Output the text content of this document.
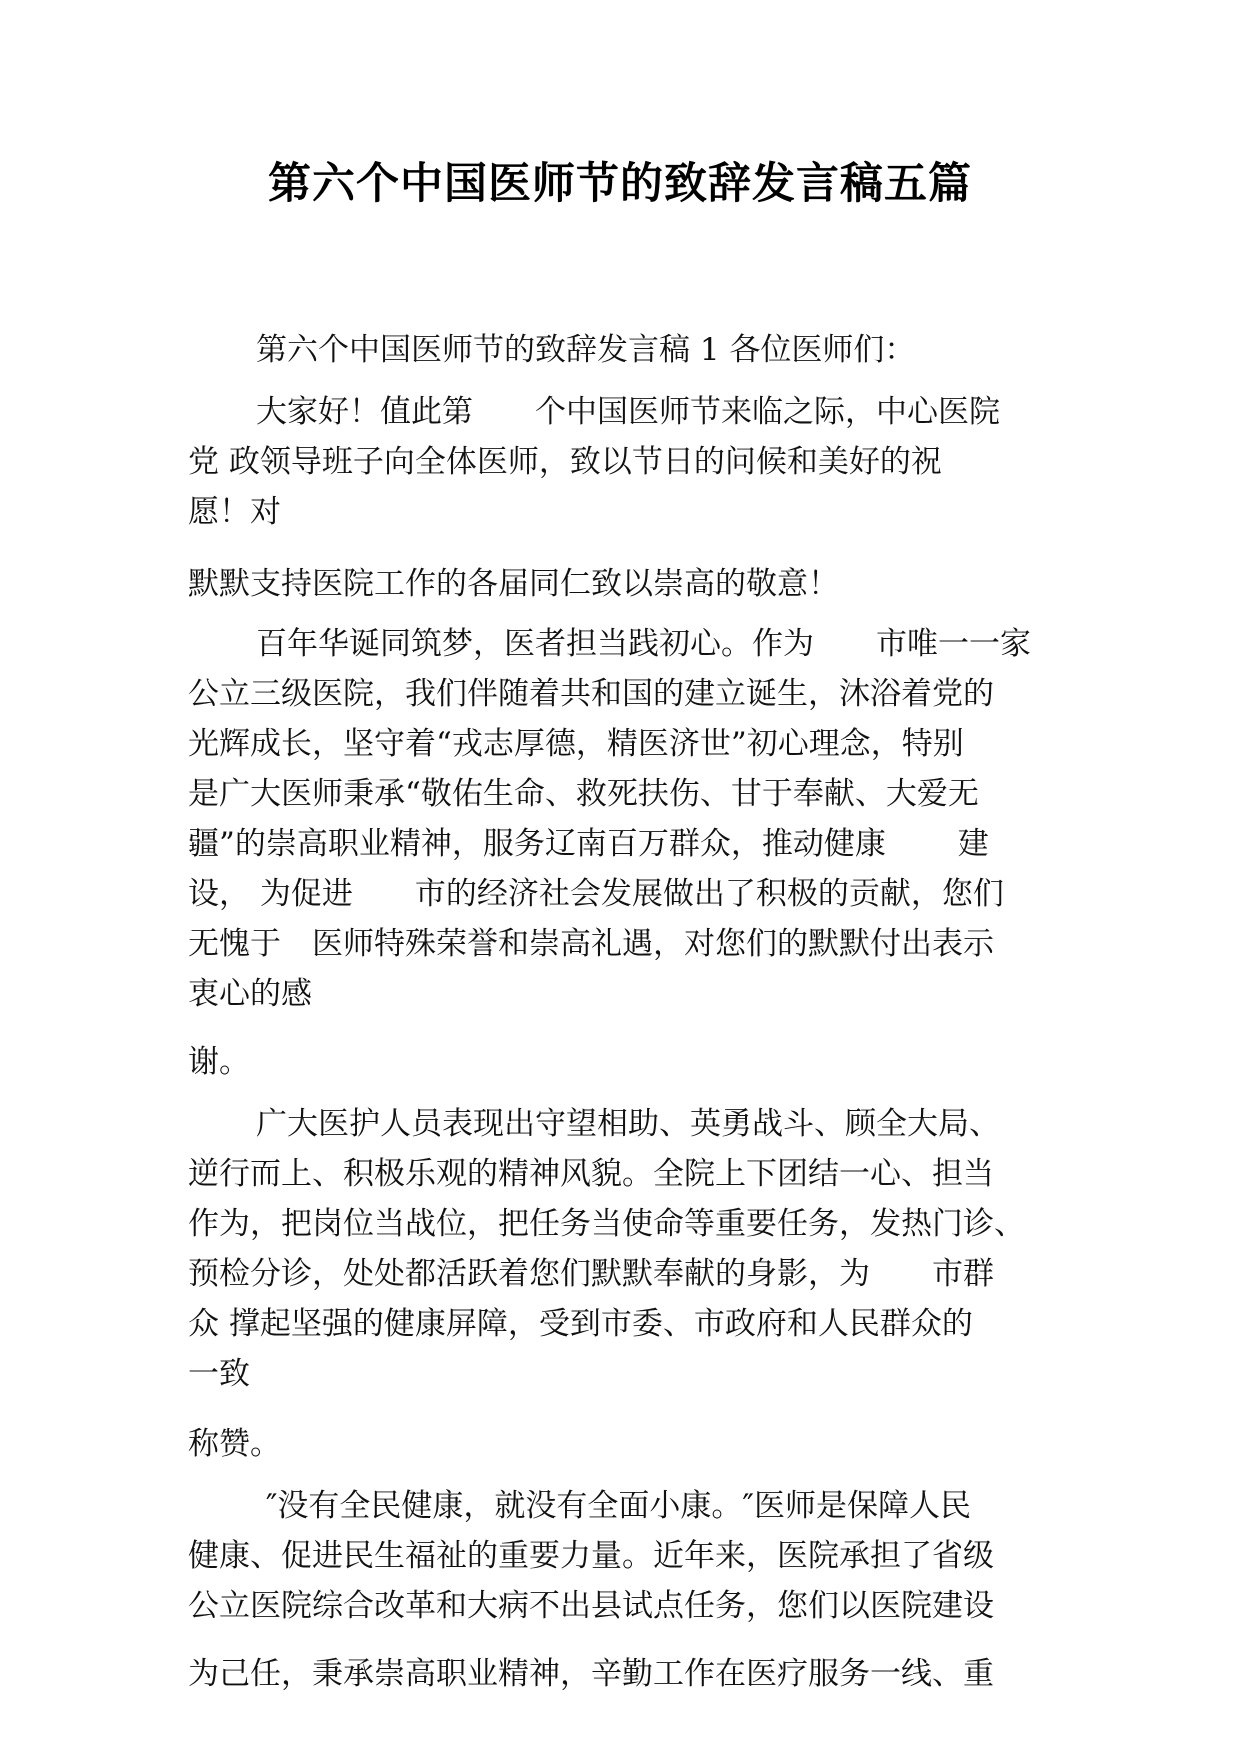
第六个中国医师节的致辞发言稿五篇
第六个中国医师节的致辞发言稿 1 各位医师们：
大家好！值此第　　个中国医师节来临之际，中心医院
党 政领导班子向全体医师，致以节日的问候和美好的祝
愿！对
默默支持医院工作的各届同仁致以崇高的敬意！
百年华诞同筑梦，医者担当践初心。作为　　市唯一一家
公立三级医院，我们伴随着共和国的建立诞生，沐浴着党的
光辉成长，坚守着“戎志厚德，精医济世”初心理念，特别
是广大医师秉承“敬佑生命、救死扶伤、甘于奉献、大爱无
疆”的崇高职业精神，服务辽南百万群众，推动健康　　 建
设， 为促进　　市的经济社会发展做出了积极的贡献，您们
无愧于　医师特殊荣誉和崇高礼遇，对您们的默默付出表示
衷心的感
谢。
广大医护人员表现出守望相助、英勇战斗、顾全大局、
逆行而上、积极乐观的精神风貌。全院上下团结一心、担当
作为，把岗位当战位，把任务当使命等重要任务，发热门诊、
预检分诊，处处都活跃着您们默默奉献的身影，为　　市群
众 撑起坚强的健康屏障，受到市委、市政府和人民群众的
一致
称赞。
″没有全民健康，就没有全面小康。″医师是保障人民
健康、促进民生福祉的重要力量。近年来，医院承担了省级
公立医院综合改革和大病不出县试点任务，您们以医院建设
为己任，秉承崇高职业精神，辛勤工作在医疗服务一线、重
